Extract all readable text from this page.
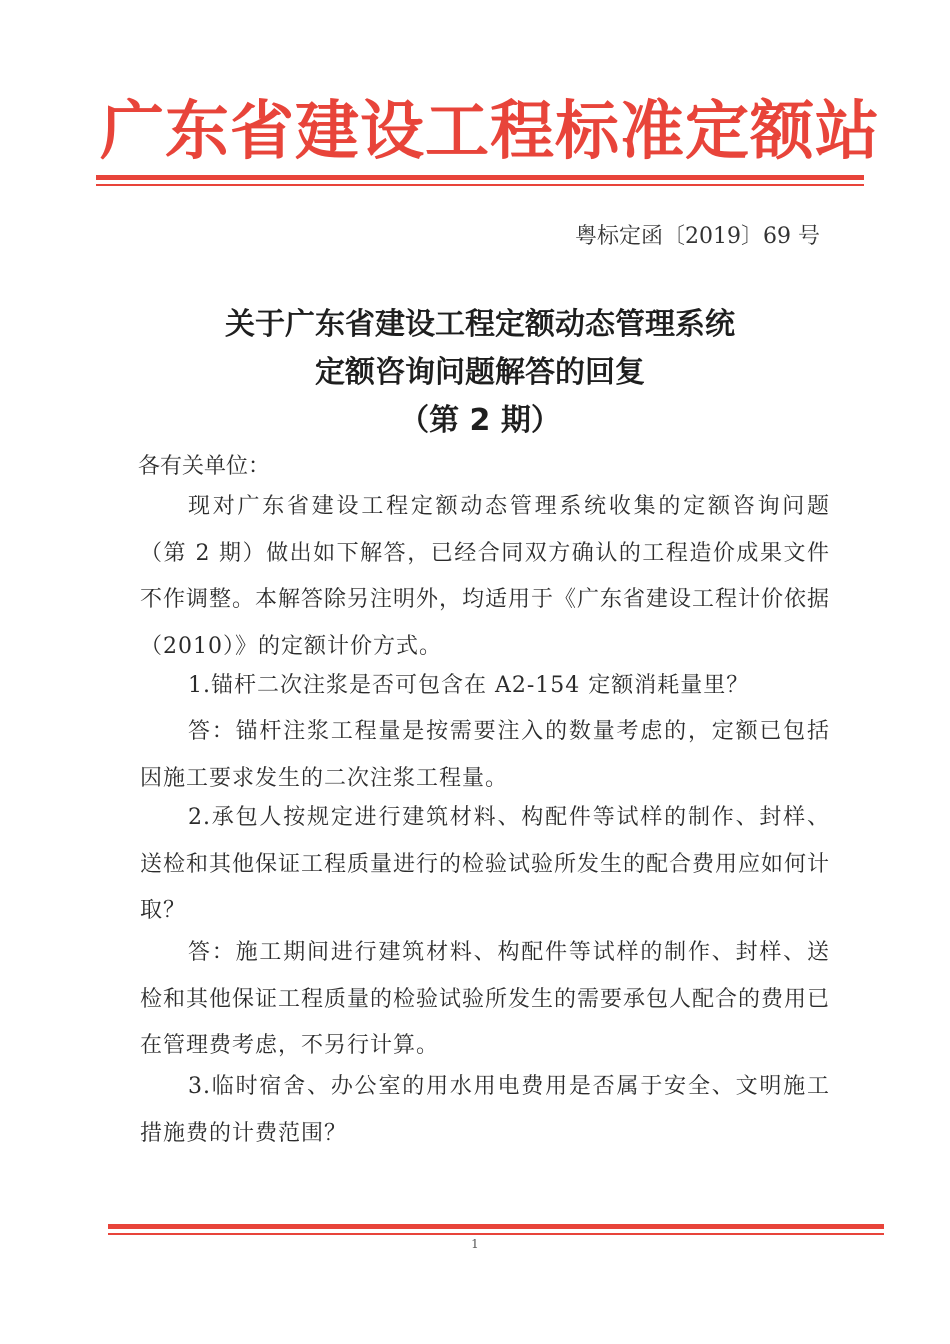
广东省建设工程标准定额站
粤标定函〔2019〕69 号
关于广东省建设工程定额动态管理系统
定额咨询问题解答的回复
（第 2 期）
各有关单位：
现对广东省建设工程定额动态管理系统收集的定额咨询问题（第 2 期）做出如下解答，已经合同双方确认的工程造价成果文件不作调整。本解答除另注明外，均适用于《广东省建设工程计价依据（2010）》的定额计价方式。
1.锚杆二次注浆是否可包含在 A2-154 定额消耗量里？
答：锚杆注浆工程量是按需要注入的数量考虑的，定额已包括因施工要求发生的二次注浆工程量。
2.承包人按规定进行建筑材料、构配件等试样的制作、封样、送检和其他保证工程质量进行的检验试验所发生的配合费用应如何计取？
答：施工期间进行建筑材料、构配件等试样的制作、封样、送检和其他保证工程质量的检验试验所发生的需要承包人配合的费用已在管理费考虑，不另行计算。
3.临时宿舍、办公室的用水用电费用是否属于安全、文明施工措施费的计费范围？
1
